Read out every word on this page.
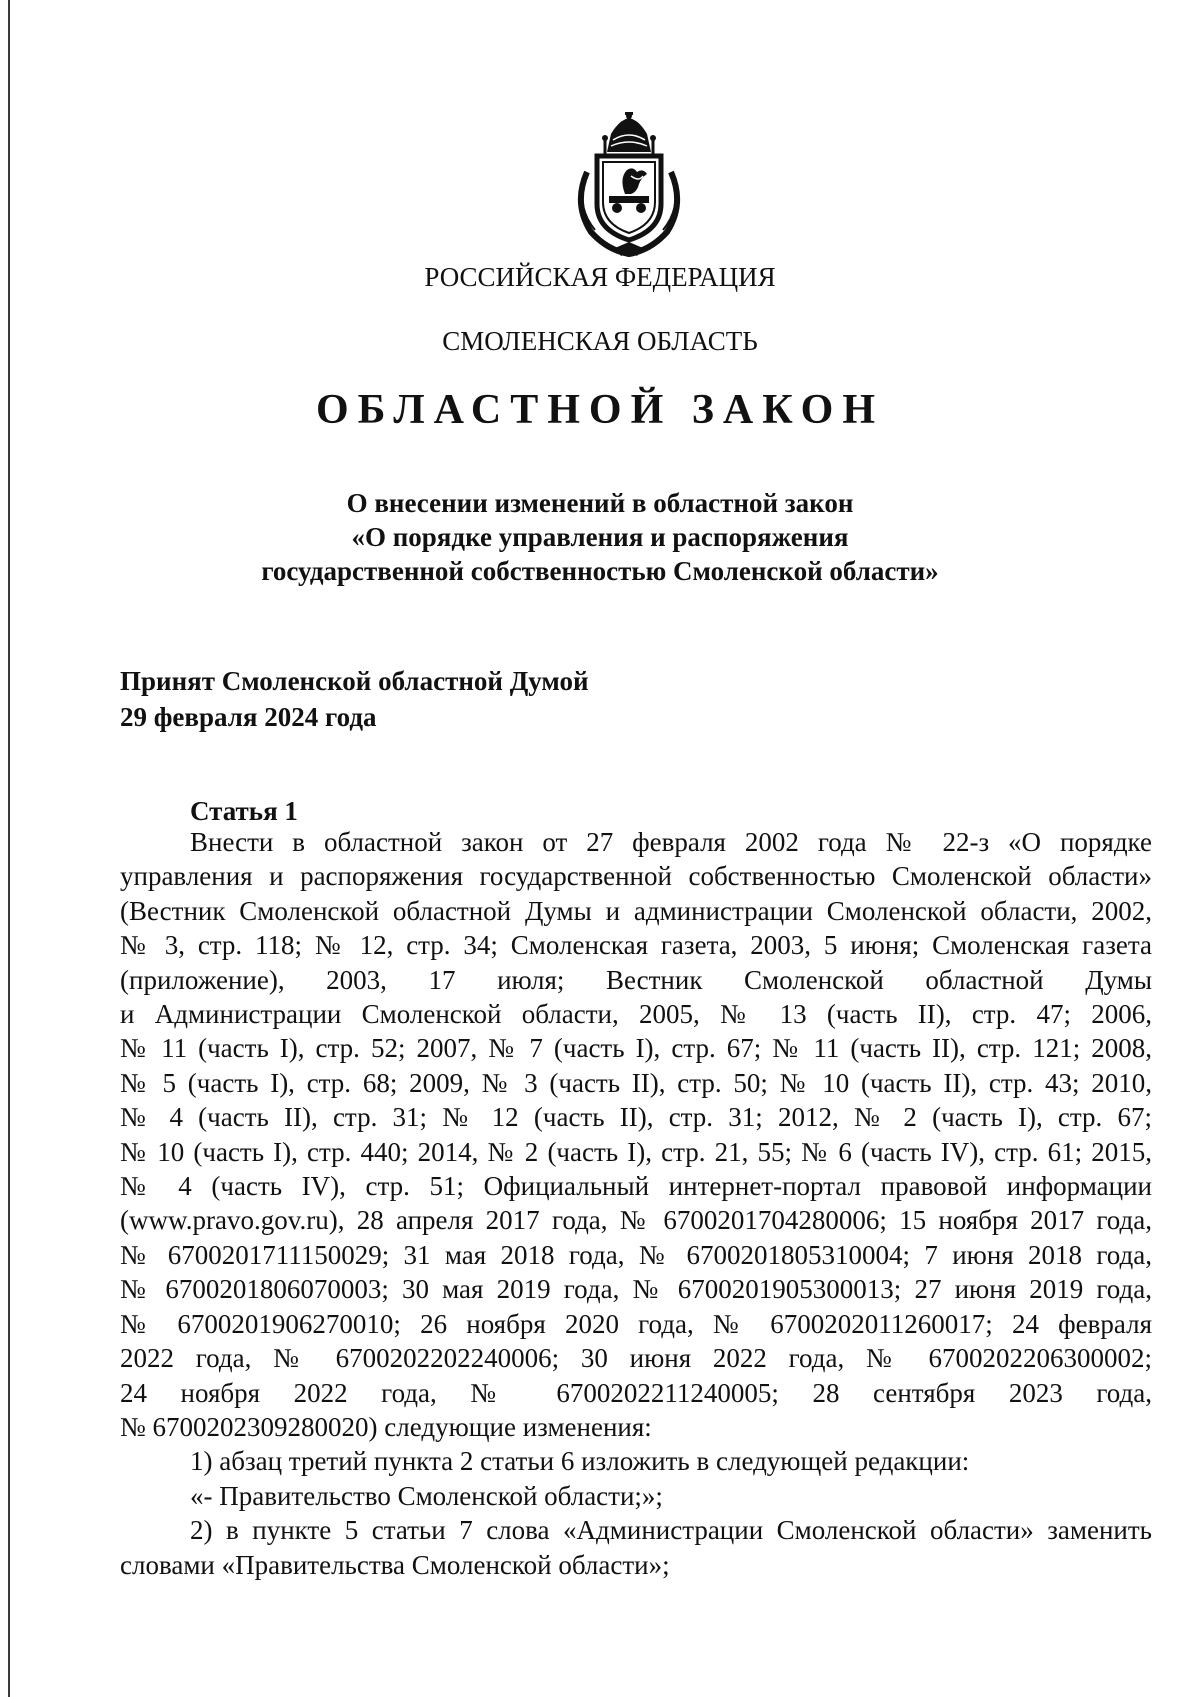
РОССИЙСКАЯ ФЕДЕРАЦИЯ
СМОЛЕНСКАЯ ОБЛАСТЬ
ОБЛАСТНОЙ ЗАКОН
О внесении изменений в областной закон
«О порядке управления и распоряжения
государственной собственностью Смоленской области»
Принят Смоленской областной Думой
29 февраля 2024 года
Статья 1
Внести в областной закон от 27 февраля 2002 года № 22-з «О порядке
управления и распоряжения государственной собственностью Смоленской области»
(Вестник Смоленской областной Думы и администрации Смоленской области, 2002,
№ 3, стр. 118; № 12, стр. 34; Смоленская газета, 2003, 5 июня; Смоленская газета
(приложение), 2003, 17 июля; Вестник Смоленской областной Думы
и Администрации Смоленской области, 2005, № 13 (часть II), стр. 47; 2006,
№ 11 (часть I), стр. 52; 2007, № 7 (часть I), стр. 67; № 11 (часть II), стр. 121; 2008,
№ 5 (часть I), стр. 68; 2009, № 3 (часть II), стр. 50; № 10 (часть II), стр. 43; 2010,
№ 4 (часть II), стр. 31; № 12 (часть II), стр. 31; 2012, № 2 (часть I), стр. 67;
№ 10 (часть I), стр. 440; 2014, № 2 (часть I), стр. 21, 55; № 6 (часть IV), стр. 61; 2015,
№ 4 (часть IV), стр. 51; Официальный интернет-портал правовой информации
(www.pravo.gov.ru), 28 апреля 2017 года, № 6700201704280006; 15 ноября 2017 года,
№ 6700201711150029; 31 мая 2018 года, № 6700201805310004; 7 июня 2018 года,
№ 6700201806070003; 30 мая 2019 года, № 6700201905300013; 27 июня 2019 года,
№ 6700201906270010; 26 ноября 2020 года, № 6700202011260017; 24 февраля
2022 года, № 6700202202240006; 30 июня 2022 года, № 6700202206300002;
24 ноября 2022 года, № 6700202211240005; 28 сентября 2023 года,
№ 6700202309280020) следующие изменения:
1) абзац третий пункта 2 статьи 6 изложить в следующей редакции:
«- Правительство Смоленской области;»;
2) в пункте 5 статьи 7 слова «Администрации Смоленской области» заменить
словами «Правительства Смоленской области»;
